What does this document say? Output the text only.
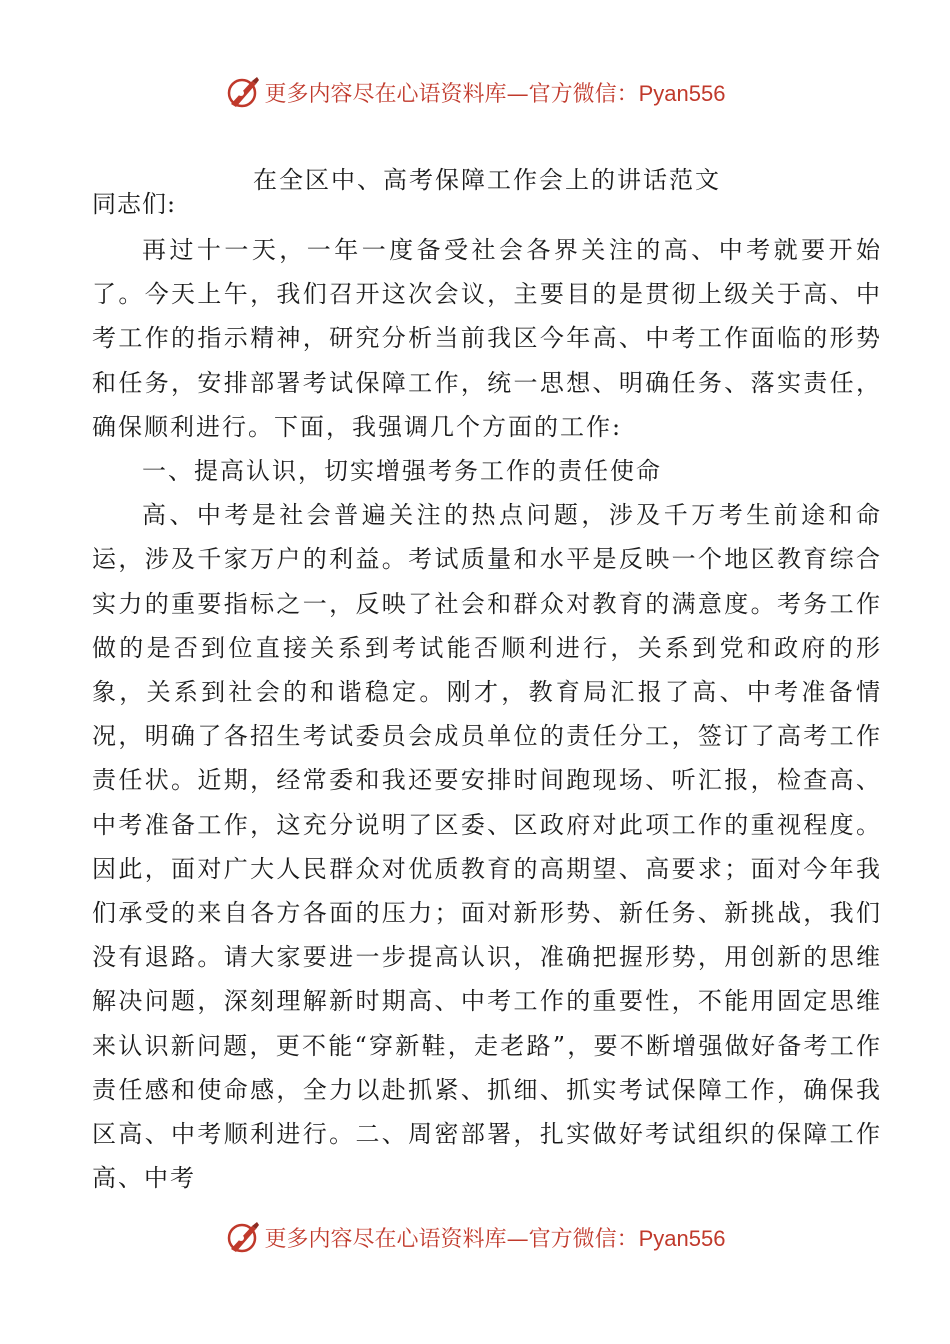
更多内容尽在心语资料库—官方微信：Pyan556
在全区中、高考保障工作会上的讲话范文
同志们:

再过十一天，一年一度备受社会各界关注的高、中考就要开始了。今天上午，我们召开这次会议，主要目的是贯彻上级关于高、中考工作的指示精神，研究分析当前我区今年高、中考工作面临的形势和任务，安排部署考试保障工作，统一思想、明确任务、落实责任，确保顺利进行。下面，我强调几个方面的工作:

一、提高认识，切实增强考务工作的责任使命

高、中考是社会普遍关注的热点问题，涉及千万考生前途和命运，涉及千家万户的利益。考试质量和水平是反映一个地区教育综合实力的重要指标之一，反映了社会和群众对教育的满意度。考务工作做的是否到位直接关系到考试能否顺利进行，关系到党和政府的形象，关系到社会的和谐稳定。刚才，教育局汇报了高、中考准备情况，明确了各招生考试委员会成员单位的责任分工，签订了高考工作责任状。近期，经常委和我还要安排时间跑现场、听汇报，检查高、中考准备工作，这充分说明了区委、区政府对此项工作的重视程度。因此，面对广大人民群众对优质教育的高期望、高要求；面对今年我们承受的来自各方各面的压力；面对新形势、新任务、新挑战，我们没有退路。请大家要进一步提高认识，准确把握形势，用创新的思维解决问题，深刻理解新时期高、中考工作的重要性，不能用固定思维来认识新问题，更不能“穿新鞋，走老路”，要不断增强做好备考工作责任感和使命感，全力以赴抓紧、抓细、抓实考试保障工作，确保我区高、中考顺利进行。二、周密部署，扎实做好考试组织的保障工作高、中考

更多内容尽在心语资料库—官方微信：Pyan556
